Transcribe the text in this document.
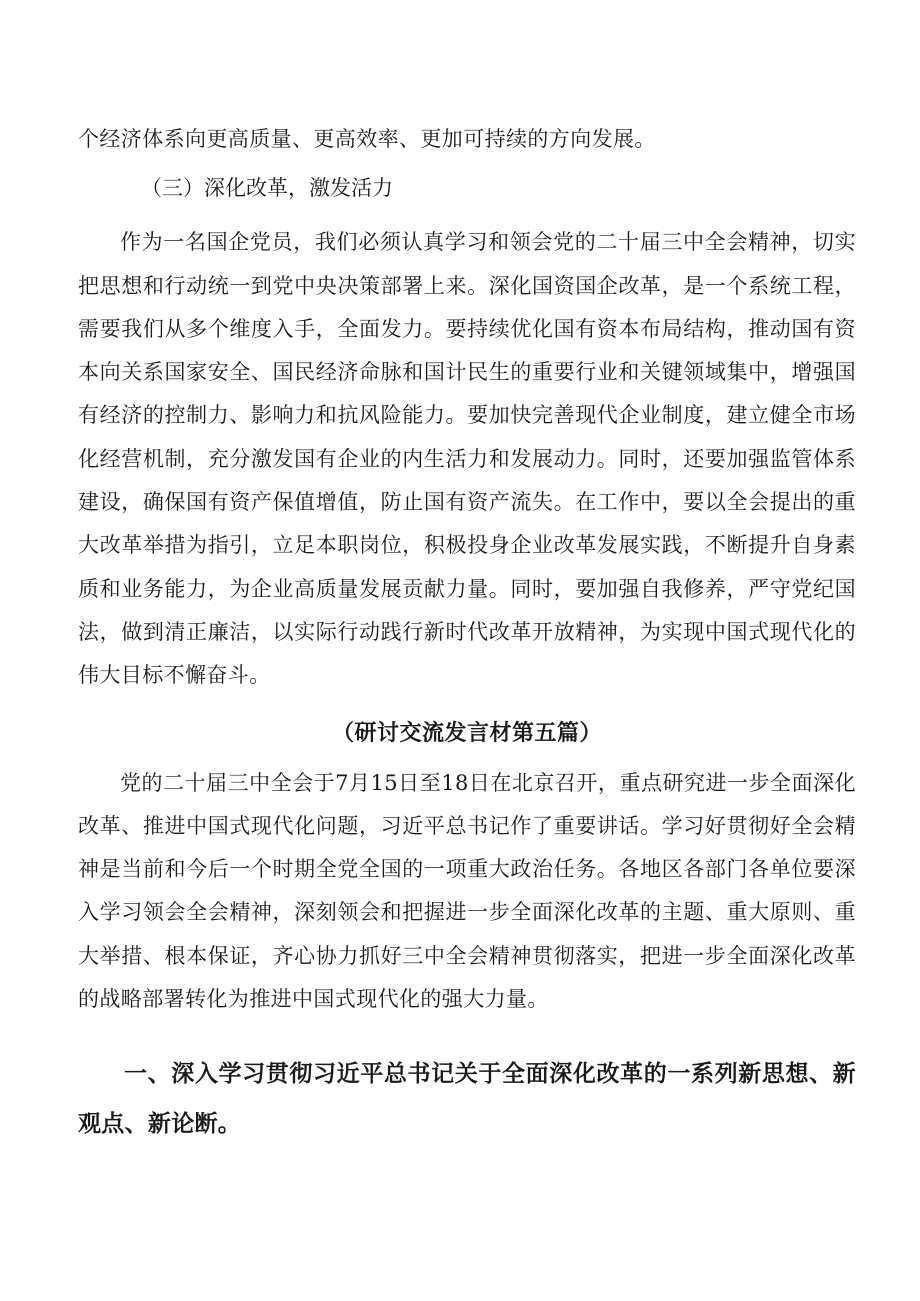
个经济体系向更高质量、更高效率、更加可持续的方向发展。

（三）深化改革，激发活力

作为一名国企党员，我们必须认真学习和领会党的二十届三中全会精神，切实把思想和行动统一到党中央决策部署上来。深化国资国企改革，是一个系统工程，需要我们从多个维度入手，全面发力。要持续优化国有资本布局结构，推动国有资本向关系国家安全、国民经济命脉和国计民生的重要行业和关键领域集中，增强国有经济的控制力、影响力和抗风险能力。要加快完善现代企业制度，建立健全市场化经营机制，充分激发国有企业的内生活力和发展动力。同时，还要加强监管体系建设，确保国有资产保值增值，防止国有资产流失。在工作中，要以全会提出的重大改革举措为指引，立足本职岗位，积极投身企业改革发展实践，不断提升自身素质和业务能力，为企业高质量发展贡献力量。同时，要加强自我修养，严守党纪国法，做到清正廉洁，以实际行动践行新时代改革开放精神，为实现中国式现代化的伟大目标不懈奋斗。

（研讨交流发言材第五篇）

党的二十届三中全会于7月15日至18日在北京召开，重点研究进一步全面深化改革、推进中国式现代化问题，习近平总书记作了重要讲话。学习好贯彻好全会精神是当前和今后一个时期全党全国的一项重大政治任务。各地区各部门各单位要深入学习领会全会精神，深刻领会和把握进一步全面深化改革的主题、重大原则、重大举措、根本保证，齐心协力抓好三中全会精神贯彻落实，把进一步全面深化改革的战略部署转化为推进中国式现代化的强大力量。

一、深入学习贯彻习近平总书记关于全面深化改革的一系列新思想、新观点、新论断。
